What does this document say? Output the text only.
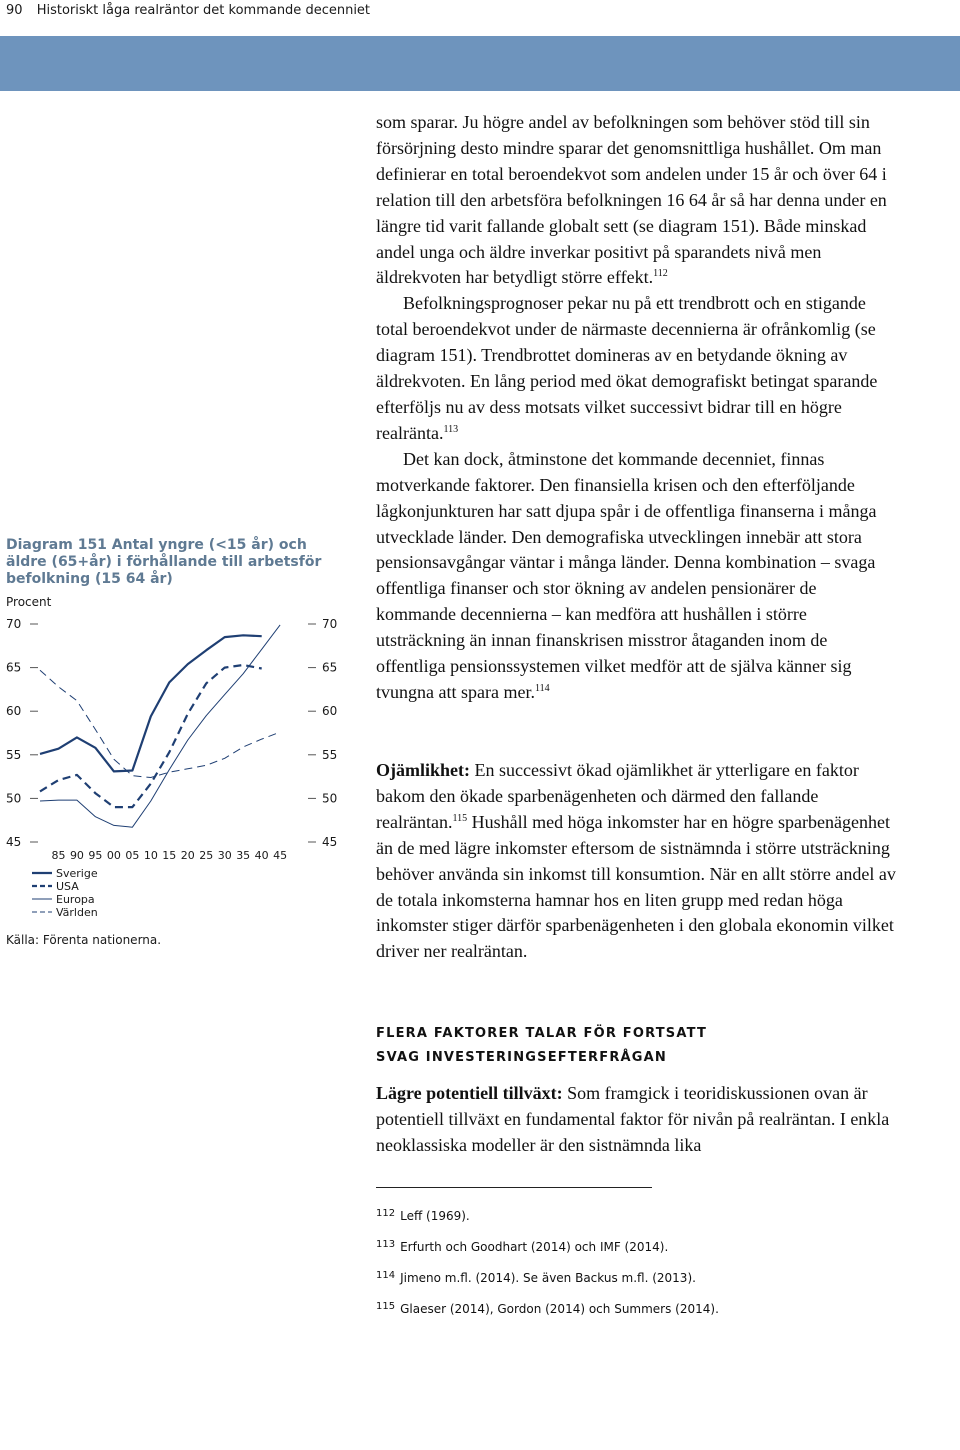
90 Historiskt låga realräntor det kommande decenniet
Diagram 151 Antal yngre (<15 år) och äldre (65+år) i förhållande till arbetsför befolkning (15 64 år)
Procent
45	45
50	50
55	55
60	60
65	65
70	70
85 90 95 00 05 10 15 20 25 30 35 40 45
Sverige
USA
Europa
Världen
Källa: Förenta nationerna.

som sparar. Ju högre andel av befolkningen som behöver stöd till sin försörjning desto mindre sparar det genomsnittliga hushållet. Om man definierar en total beroendekvot som andelen under 15 år och över 64 i relation till den arbetsföra befolkningen 16 64 år så har denna under en längre tid varit fallande globalt sett (se diagram 151). Både minskad andel unga och äldre inverkar positivt på sparandets nivå men äldrekvoten har betydligt större effekt.$^{112}$

Befolkningsprognoser pekar nu på ett trendbrott och en stigande total beroendekvot under de närmaste decennierna är ofrånkomlig (se diagram 151). Trendbrottet domineras av en betydande ökning av äldrekvoten. En lång period med ökat demografiskt betingat sparande efterföljs nu av dess motsats vilket successivt bidrar till en högre realränta.$^{113}$

Det kan dock, åtminstone det kommande decenniet, finnas motverkande faktorer. Den finansiella krisen och den efterföljande lågkonjunkturen har satt djupa spår i de offentliga finanserna i många utvecklade länder. Den demografiska utvecklingen innebär att stora pensionsavgångar väntar i många länder. Denna kombination – svaga offentliga finanser och stor ökning av andelen pensionärer de kommande decennierna – kan medföra att hushållen i större utsträckning än innan finanskrisen misstror åtaganden inom de offentliga pensionssystemen vilket medför att de själva känner sig tvungna att spara mer.$^{114}$

Ojämlikhet: En successivt ökad ojämlikhet är ytterligare en faktor bakom den ökade sparbenägenheten och därmed den fallande realräntan.$^{115}$ Hushåll med höga inkomster har en högre sparbenägenhet än de med lägre inkomster eftersom de sistnämnda i större utsträckning behöver använda sin inkomst till konsumtion. När en allt större andel av de totala inkomsterna hamnar hos en liten grupp med redan höga inkomster stiger därför sparbenägenheten i den globala ekonomin vilket driver ner realräntan.

FLERA FAKTORER TALAR FÖR FORTSATT
SVAG INVESTERINGSEFTERFRÅGAN

Lägre potentiell tillväxt: Som framgick i teoridiskussionen ovan är potentiell tillväxt en fundamental faktor för nivån på realräntan. I enkla neoklassiska modeller är den sistnämnda lika

$^{112}$ Leff (1969).
$^{113}$ Erfurth och Goodhart (2014) och IMF (2014).
$^{114}$ Jimeno m.fl. (2014). Se även Backus m.fl. (2013).
$^{115}$ Glaeser (2014), Gordon (2014) och Summers (2014).
